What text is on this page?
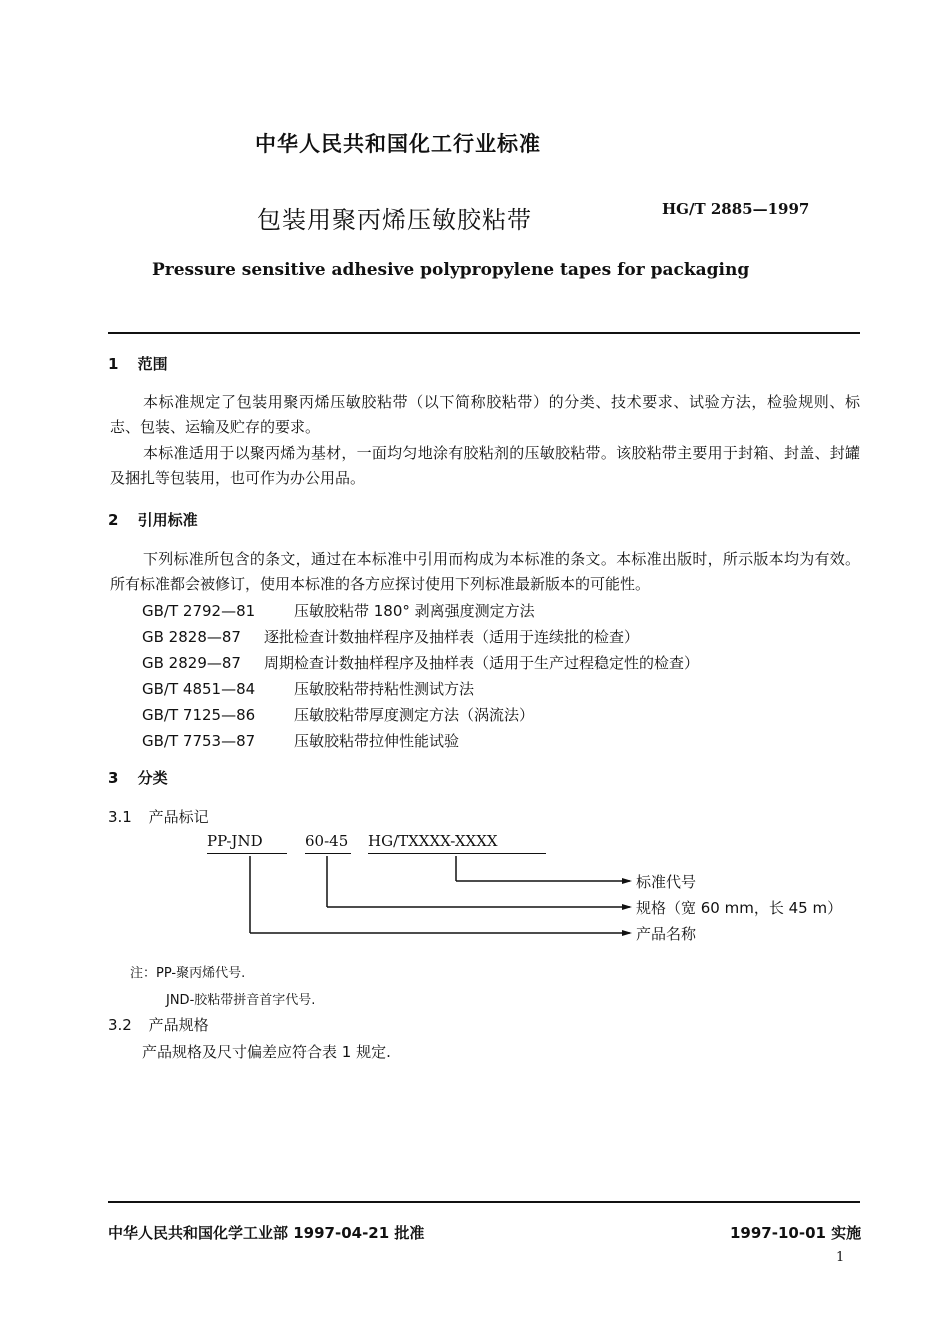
中华人民共和国化工行业标准
包装用聚丙烯压敏胶粘带	HG/T 2885—1997
Pressure sensitive adhesive polypropylene tapes for packaging
1 范围
本标准规定了包装用聚丙烯压敏胶粘带（以下简称胶粘带）的分类、技术要求、试验方法，检验规则、标志、包装、运输及贮存的要求。
本标准适用于以聚丙烯为基材，一面均匀地涂有胶粘剂的压敏胶粘带。该胶粘带主要用于封箱、封盖、封罐及捆扎等包装用，也可作为办公用品。
2 引用标准
下列标准所包含的条文，通过在本标准中引用而构成为本标准的条文。本标准出版时，所示版本均为有效。所有标准都会被修订，使用本标准的各方应探讨使用下列标准最新版本的可能性。
GB/T 2792—81	压敏胶粘带 180° 剥离强度测定方法
GB 2828—87 逐批检查计数抽样程序及抽样表（适用于连续批的检查）
GB 2829—87 周期检查计数抽样程序及抽样表（适用于生产过程稳定性的检查）
GB/T 4851—84	压敏胶粘带持粘性测试方法
GB/T 7125—86	压敏胶粘带厚度测定方法（涡流法）
GB/T 7753—87	压敏胶粘带拉伸性能试验
3 分类
3.1 产品标记
PP-JND	60-45 HG/TXXXX-XXXX
标准代号
规格（宽 60 mm，长 45 m）
产品名称
注：PP-聚丙烯代号.
JND-胶粘带拼音首字代号.
3.2 产品规格
产品规格及尺寸偏差应符合表 1 规定.
中华人民共和国化学工业部 1997-04-21 批准	1997-10-01 实施
1
